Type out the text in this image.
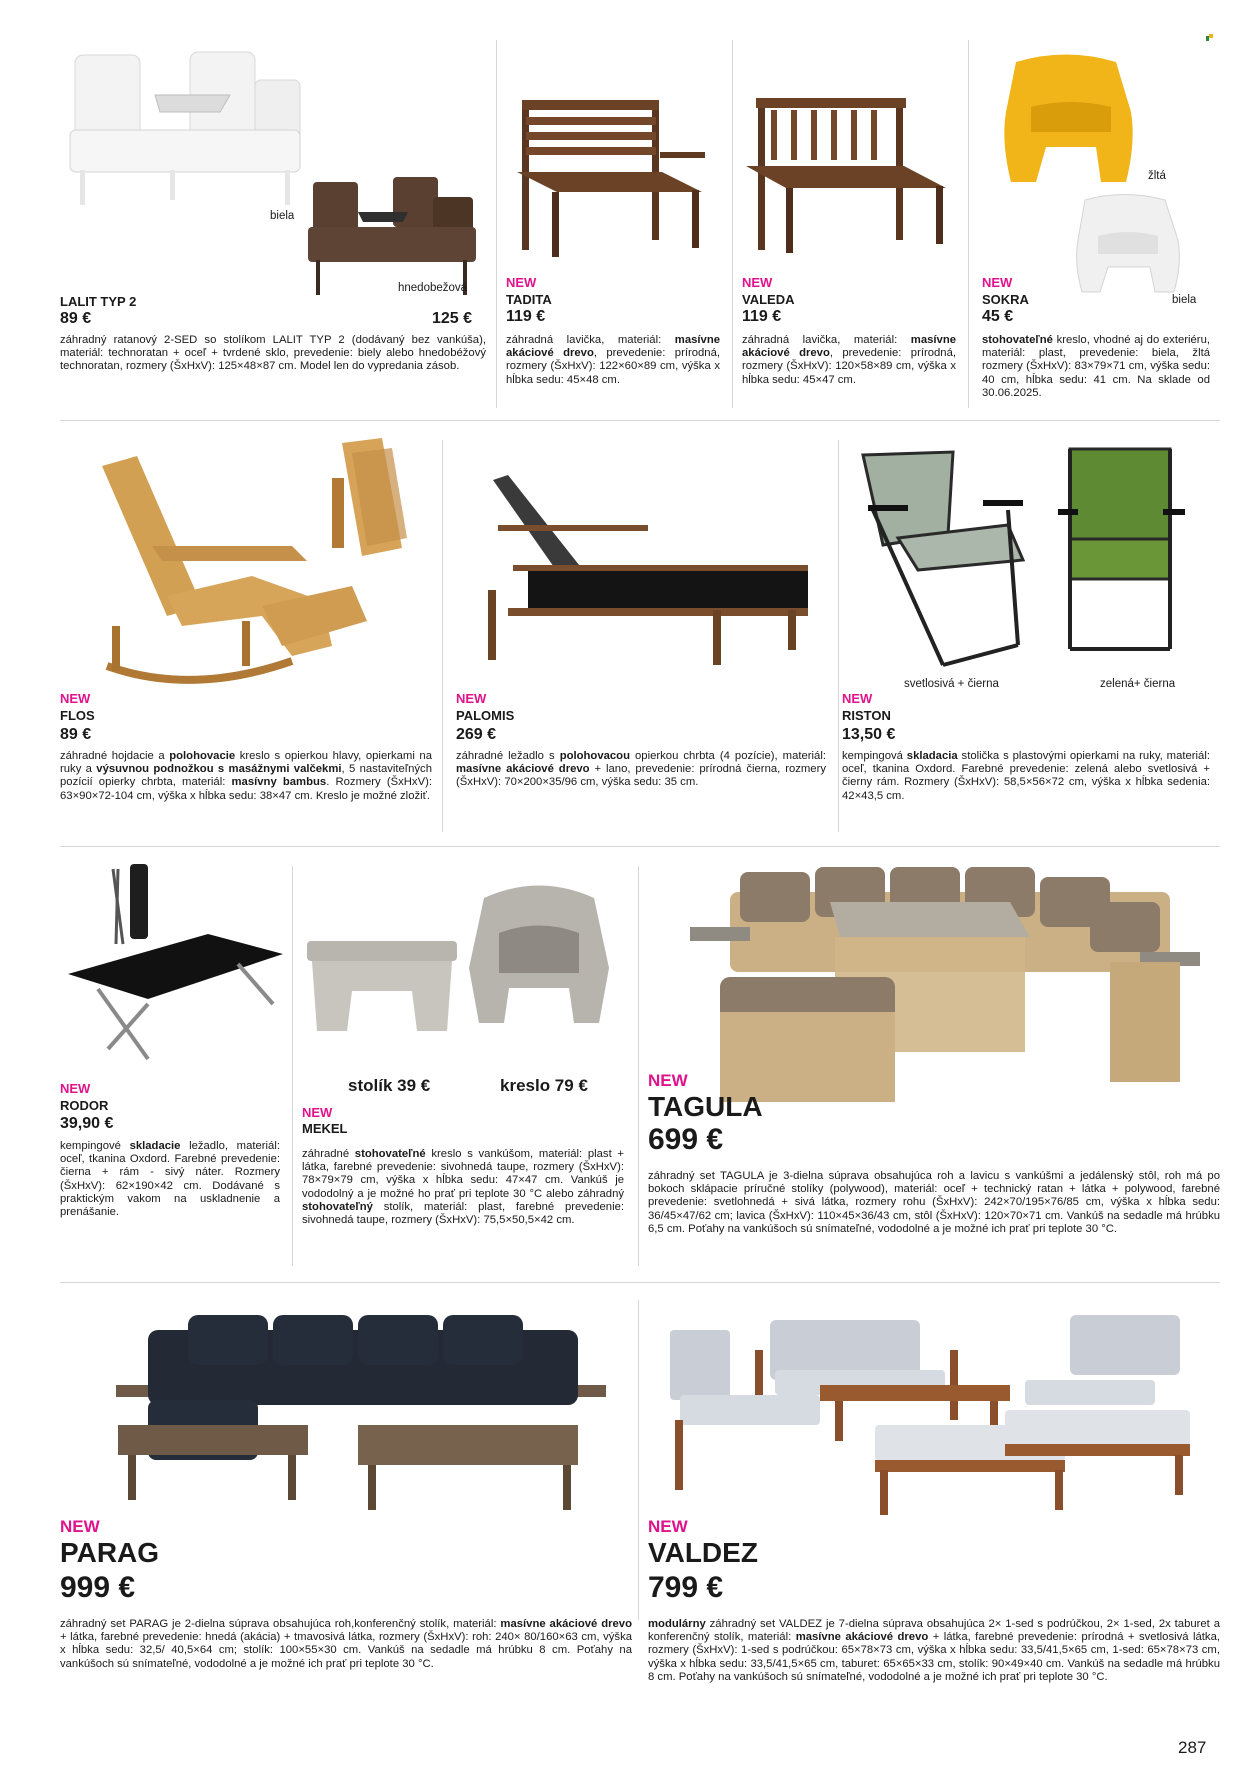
biela
hnedobežová
LALIT TYP 2
89 €	125 €
záhradný ratanový 2-SED so stolíkom LALIT TYP 2 (dodávaný bez vankúša), materiál: technoratan + oceľ + tvrdené sklo, prevedenie: biely alebo hnedobéžový technoratan, rozmery (ŠxHxV): 125×48×87 cm. Model len do vypredania zásob.
NEW
TADITA
119 €
záhradná lavička, materiál: masívne akáciové drevo, prevedenie: prírodná, rozmery (ŠxHxV): 122×60×89 cm, výška x hĺbka sedu: 45×48 cm.
NEW
VALEDA
119 €
záhradná lavička, materiál: masívne akáciové drevo, prevedenie: prírodná, rozmery (ŠxHxV): 120×58×89 cm, výška x hĺbka sedu: 45×47 cm.
žltá
biela
NEW
SOKRA
45 €
stohovateľné kreslo, vhodné aj do exteriéru, materiál: plast, prevedenie: biela, žltá rozmery (ŠxHxV): 83×79×71 cm, výška sedu: 40 cm, hĺbka sedu: 41 cm. Na sklade od 30.06.2025.
NEW
FLOS
89 €
záhradné hojdacie a polohovacie kreslo s opierkou hlavy, opierkami na ruky a výsuvnou podnožkou s masážnymi valčekmi, 5 nastaviteľných pozícií opierky chrbta, materiál: masívny bambus. Rozmery (ŠxHxV): 63×90×72-104 cm, výška x hĺbka sedu: 38×47 cm. Kreslo je možné zložiť.
NEW
PALOMIS
269 €
záhradné ležadlo s polohovacou opierkou chrbta (4 pozície), materiál: masívne akáciové drevo + lano, prevedenie: prírodná čierna, rozmery (ŠxHxV): 70×200×35/96 cm, výška sedu: 35 cm.
svetlosivá + čierna	zelená+ čierna
NEW
RISTON
13,50 €
kempingová skladacia stolička s plastovými opierkami na ruky, materiál: oceľ, tkanina Oxdord. Farebné prevedenie: zelená alebo svetlosivá + čierny rám. Rozmery (ŠxHxV): 58,5×56×72 cm, výška x hĺbka sedenia: 42×43,5 cm.
NEW
RODOR
39,90 €
kempingové skladacie ležadlo, materiál: oceľ, tkanina Oxdord. Farebné prevedenie: čierna + rám - sivý náter. Rozmery (ŠxHxV): 62×190×42 cm. Dodávané s praktickým vakom na uskladnenie a prenášanie.
stolík 39 €	kreslo 79 €
NEW
MEKEL
záhradné stohovateľné kreslo s vankúšom, materiál: plast + látka, farebné prevedenie: sivohnedá taupe, rozmery (ŠxHxV): 78×79×79 cm, výška x hĺbka sedu: 47×47 cm. Vankúš je vododolný a je možné ho prať pri teplote 30 °C alebo záhradný stohovateľný stolík, materiál: plast, farebné prevedenie: sivohnedá taupe, rozmery (ŠxHxV): 75,5×50,5×42 cm.
NEW
TAGULA
699 €
záhradný set TAGULA je 3-dielna súprava obsahujúca roh a lavicu s vankúšmi a jedálenský stôl, roh má po bokoch sklápacie príručné stolíky (polywood), materiál: oceľ + technický ratan + látka + polywood, farebné prevedenie: svetlohnedá + sivá látka, rozmery rohu (ŠxHxV): 242×70/195×76/85 cm, výška x hĺbka sedu: 36/45×47/62 cm; lavica (ŠxHxV): 110×45×36/43 cm, stôl (ŠxHxV): 120×70×71 cm. Vankúš na sedadle má hrúbku 6,5 cm. Poťahy na vankúšoch sú snímateľné, vododolné a je možné ich prať pri teplote 30 °C.
NEW
PARAG
999 €
záhradný set PARAG je 2-dielna súprava obsahujúca roh,konferenčný stolík, materiál: masívne akáciové drevo + látka, farebné prevedenie: hnedá (akácia) + tmavosivá látka, rozmery (ŠxHxV): roh: 240× 80/160×63 cm, výška x hĺbka sedu: 32,5/ 40,5×64 cm; stolík: 100×55×30 cm. Vankúš na sedadle má hrúbku 8 cm. Poťahy na vankúšoch sú snímateľné, vododolné a je možné ich prať pri teplote 30 °C.
NEW
VALDEZ
799 €
modulárny záhradný set VALDEZ je 7-dielna súprava obsahujúca 2× 1-sed s podrúčkou, 2× 1-sed, 2x taburet a konferenčný stolík, materiál: masívne akáciové drevo + látka, farebné prevedenie: prírodná + svetlosivá látka, rozmery (ŠxHxV): 1-sed s podrúčkou: 65×78×73 cm, výška x hĺbka sedu: 33,5/41,5×65 cm, 1-sed: 65×78×73 cm, výška x hĺbka sedu: 33,5/41,5×65 cm, taburet: 65×65×33 cm, stolík: 90×49×40 cm. Vankúš na sedadle má hrúbku 8 cm. Poťahy na vankúšoch sú snímateľné, vododolné a je možné ich prať pri teplote 30 °C.
287
